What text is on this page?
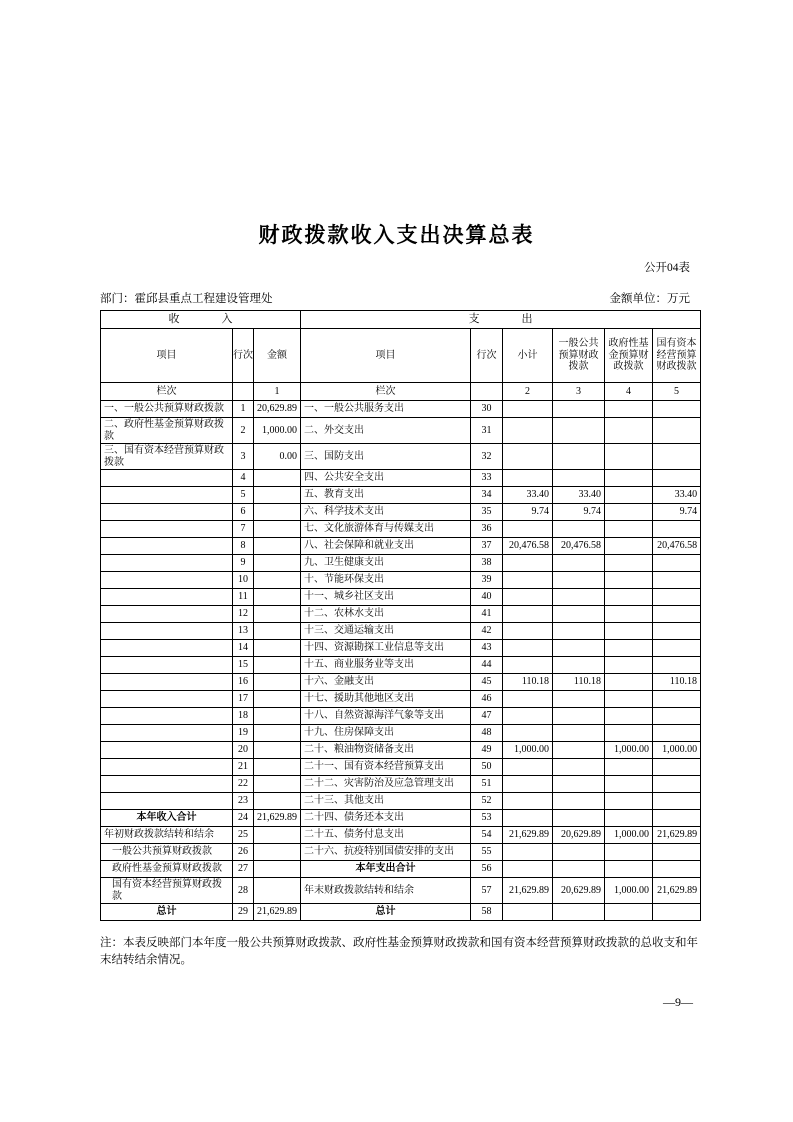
财政拨款收入支出决算总表
公开04表
部门：霍邱县重点工程建设管理处	金额单位：万元
收入			支出					
项目	行次	金额	项目	行次	小计	一般公共预算财政拨款	政府性基金预算财政拨款	国有资本经营预算财政拨款
栏次		1	栏次		2	3	4	5
一、一般公共预算财政拨款	1	20,629.89	一、一般公共服务支出	30				
二、政府性基金预算财政拨款	2	1,000.00	二、外交支出	31				
三、国有资本经营预算财政拨款	3	0.00	三、国防支出	32				
	4		四、公共安全支出	33				
	5		五、教育支出	34	33.40	33.40		33.40
	6		六、科学技术支出	35	9.74	9.74		9.74
	7		七、文化旅游体育与传媒支出	36				
	8		八、社会保障和就业支出	37	20,476.58	20,476.58		20,476.58
	9		九、卫生健康支出	38				
	10		十、节能环保支出	39				
	11		十一、城乡社区支出	40				
	12		十二、农林水支出	41				
	13		十三、交通运输支出	42				
	14		十四、资源勘探工业信息等支出	43				
	15		十五、商业服务业等支出	44				
	16		十六、金融支出	45	110.18	110.18		110.18
	17		十七、援助其他地区支出	46				
	18		十八、自然资源海洋气象等支出	47				
	19		十九、住房保障支出	48				
	20		二十、粮油物资储备支出	49	1,000.00		1,000.00	1,000.00
	21		二十一、国有资本经营预算支出	50				
	22		二十二、灾害防治及应急管理支出	51				
	23		二十三、其他支出	52				
本年收入合计	24	21,629.89	二十四、债务还本支出	53				
年初财政拨款结转和结余	25		二十五、债务付息支出	54	21,629.89	20,629.89	1,000.00	21,629.89
一般公共预算财政拨款	26		二十六、抗疫特别国债安排的支出	55				
政府性基金预算财政拨款	27		本年支出合计	56				
国有资本经营预算财政拨款	28		年末财政拨款结转和结余	57	21,629.89	20,629.89	1,000.00	21,629.89
总计	29	21,629.89	总计	58				
注：本表反映部门本年度一般公共预算财政拨款、政府性基金预算财政拨款和国有资本经营预算财政拨款的总收支和年末结转结余情况。
—9—
